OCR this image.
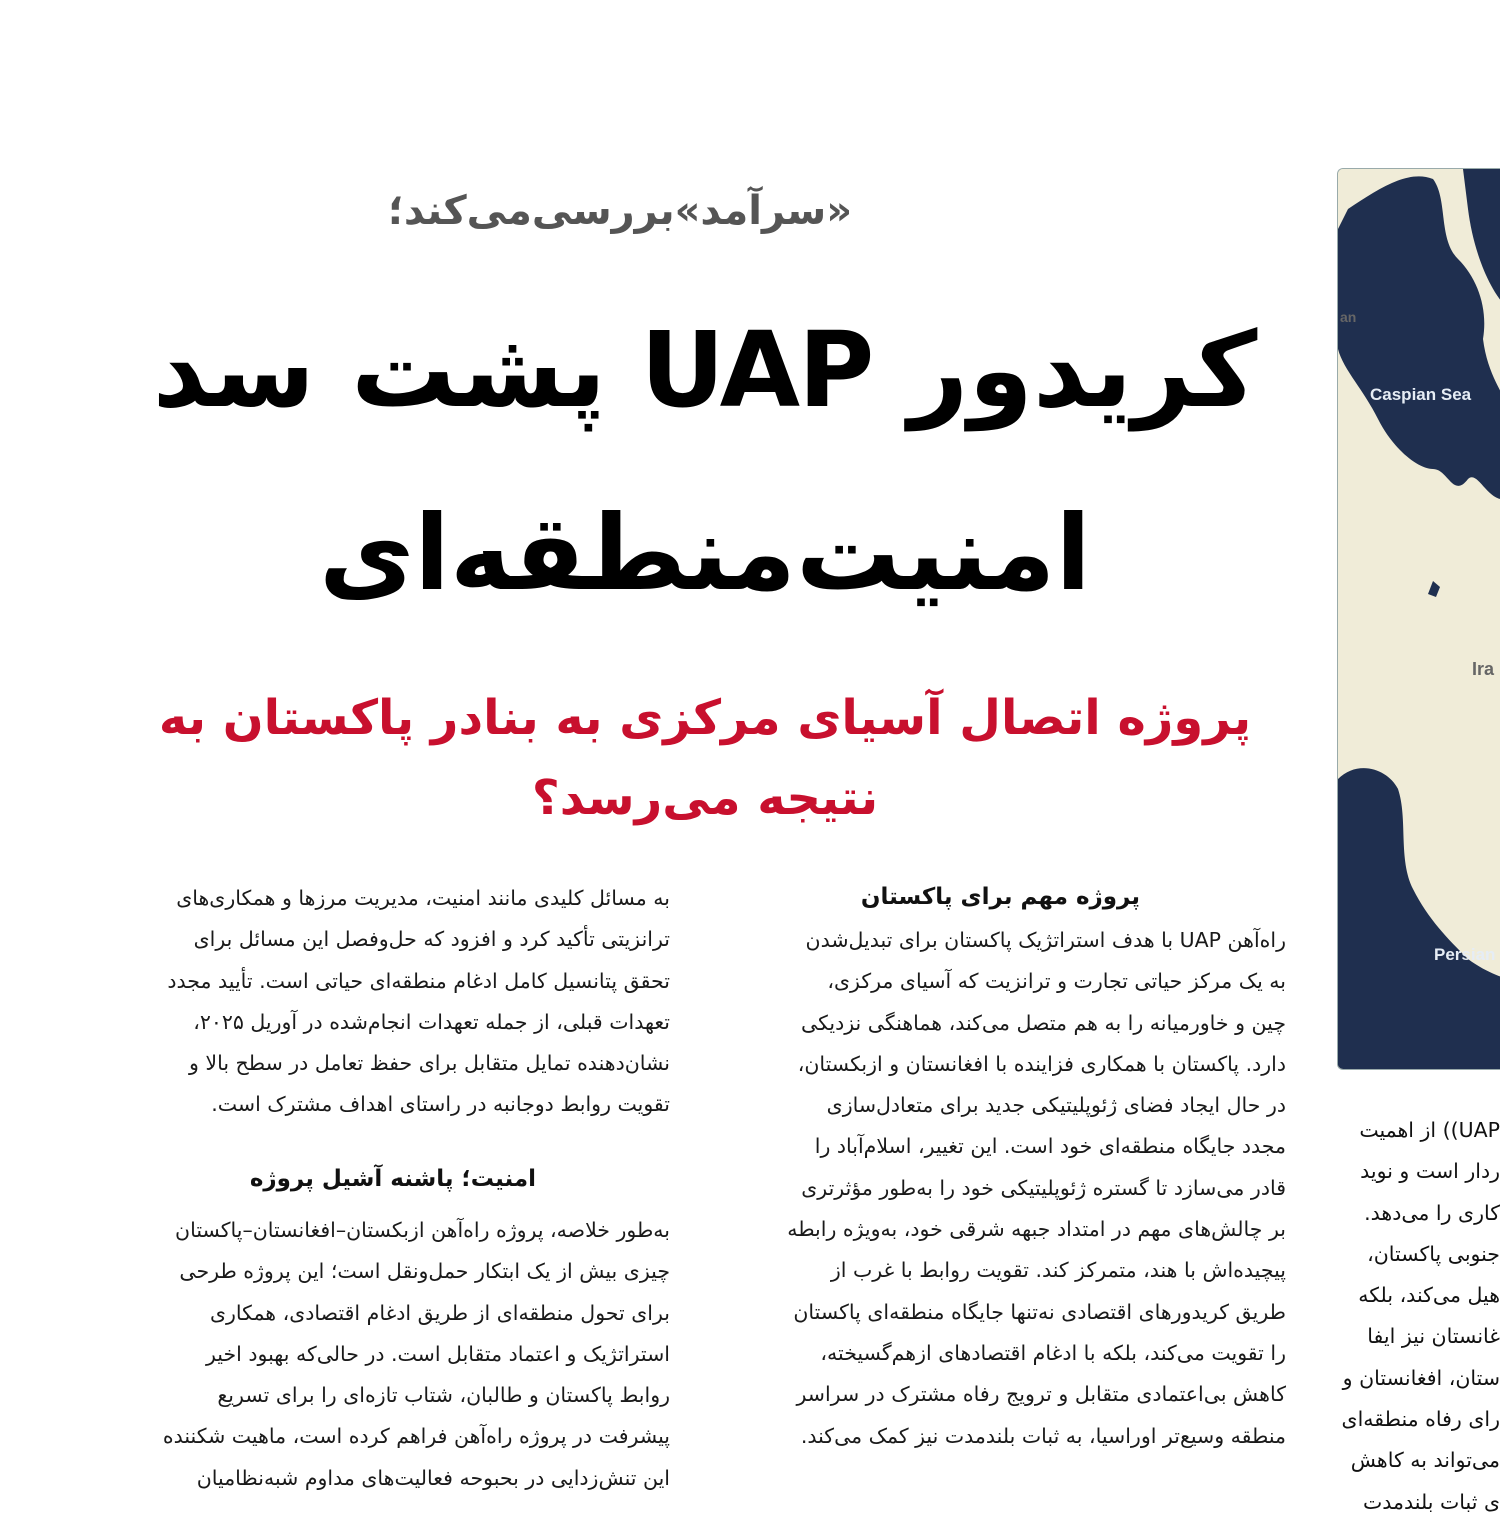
«سرآمد»بررسی‌می‌کند؛
کریدور UAP پشت سد
امنیت‌منطقه‌ای
پروژه اتصال آسیای مرکزی به بنادر پاکستان به
نتیجه می‌رسد؟
پروژه مهم برای پاکستان

راه‌آهن UAP با هدف استراتژیک پاکستان برای تبدیل‌شدن

به یک مرکز حیاتی تجارت و ترانزیت که آسیای مرکزی،

چین و خاورمیانه را به هم متصل می‌کند، هماهنگی نزدیکی

دارد. پاکستان با همکاری فزاینده با افغانستان و ازبکستان،

در حال ایجاد فضای ژئوپلیتیکی جدید برای متعادل‌سازی

مجدد جایگاه منطقه‌ای خود است. این تغییر، اسلام‌آباد را

قادر می‌سازد تا گستره ژئوپلیتیکی خود را به‌طور مؤثرتری

بر چالش‌های مهم در امتداد جبهه شرقی خود، به‌ویژه رابطه

پیچیده‌اش با هند، متمرکز کند. تقویت روابط با غرب از

طریق کریدورهای اقتصادی نه‌تنها جایگاه منطقه‌ای پاکستان

را تقویت می‌کند، بلکه با ادغام اقتصادهای ازهم‌گسیخته،

کاهش بی‌اعتمادی متقابل و ترویج رفاه مشترک در سراسر

منطقه وسیع‌تر اوراسیا، به ثبات بلندمدت نیز کمک می‌کند.

به مسائل کلیدی مانند امنیت، مدیریت مرزها و همکاری‌های

ترانزیتی تأکید کرد و افزود که حل‌وفصل این مسائل برای

تحقق پتانسیل کامل ادغام منطقه‌ای حیاتی است. تأیید مجدد

تعهدات قبلی، از جمله تعهدات انجام‌شده در آوریل ۲۰۲۵،

نشان‌دهنده تمایل متقابل برای حفظ تعامل در سطح بالا و

تقویت روابط دوجانبه در راستای اهداف مشترک است.

امنیت؛ پاشنه آشیل پروژه

به‌طور خلاصه، پروژه راه‌آهن ازبکستان–افغانستان–پاکستان

چیزی بیش از یک ابتکار حمل‌ونقل است؛ این پروژه طرحی

برای تحول منطقه‌ای از طریق ادغام اقتصادی، همکاری

استراتژیک و اعتماد متقابل است. در حالی‌که بهبود اخیر

روابط پاکستان و طالبان، شتاب تازه‌ای را برای تسریع

پیشرفت در پروژه راه‌آهن فراهم کرده است، ماهیت شکننده

این تنش‌زدایی در بحبوحه فعالیت‌های مداوم شبه‌نظامیان

an
Caspian Sea
Ira
Persian

UAP)) از اهمیت

ردار است و نوید

کاری را می‌دهد.

جنوبی پاکستان،

هیل می‌کند، بلکه

غانستان نیز ایفا

ستان، افغانستان و

رای رفاه منطقه‌ای

می‌تواند به کاهش

ی ثبات بلندمدت
